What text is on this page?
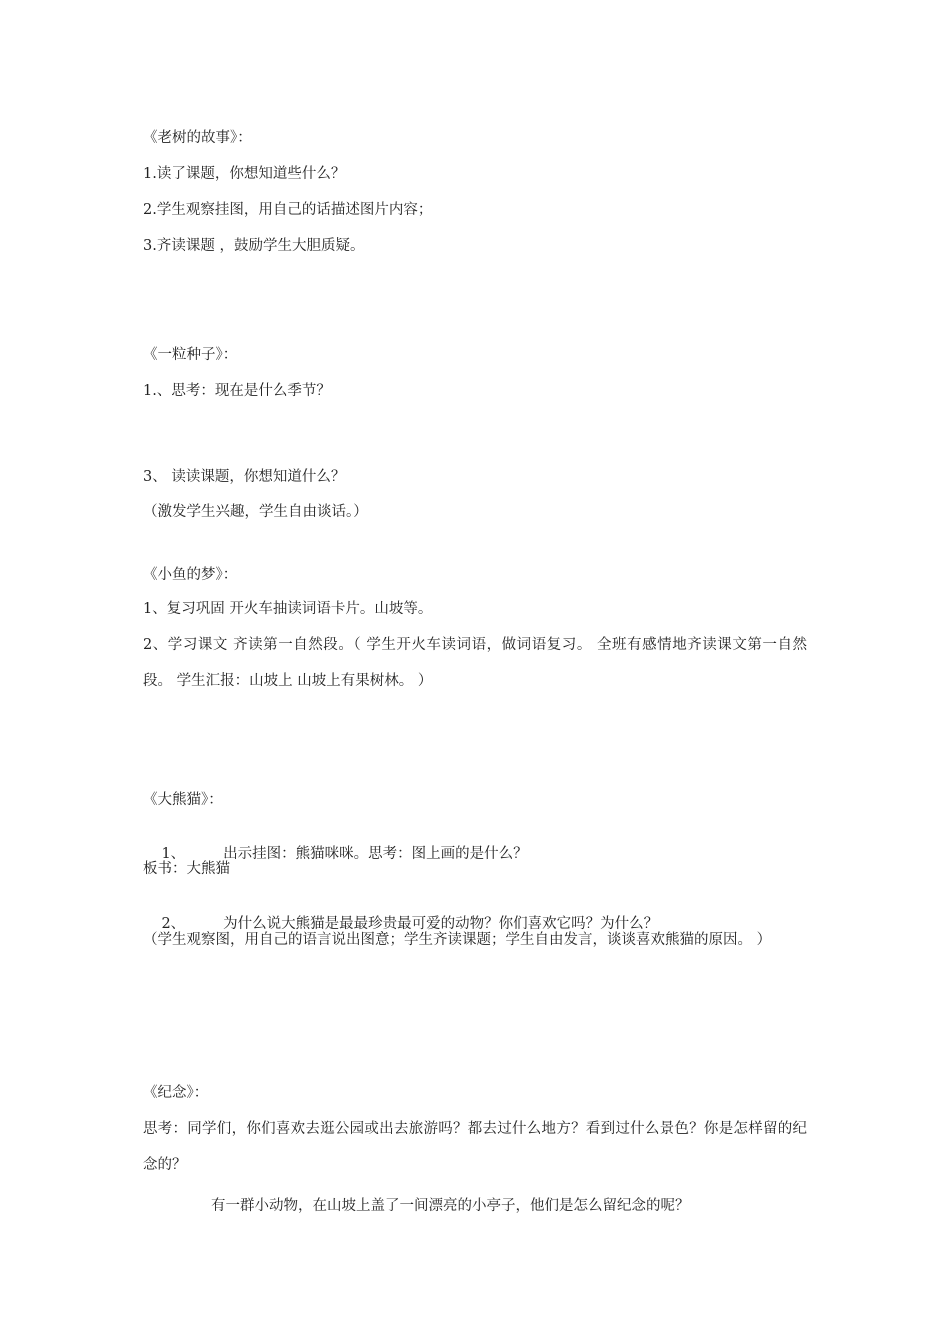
《老树的故事》：
1.读了课题，你想知道些什么？
2.学生观察挂图，用自己的话描述图片内容；
3.齐读课题 ，鼓励学生大胆质疑。
《一粒种子》：
1.、思考：现在是什么季节？
3、 读读课题，你想知道什么？
（激发学生兴趣，学生自由谈话。）
《小鱼的梦》：
1、复习巩固 开火车抽读词语卡片。山坡等。
2、学习课文 齐读第一自然段。（ 学生开火车读词语，做词语复习。 全班有感情地齐读课文第一自然段。 学生汇报：山坡上 山坡上有果树林。 ）
《大熊猫》：

1、	出示挂图：熊猫咪咪。思考：图上画的是什么？

板书：大熊猫

2、	为什么说大熊猫是最最珍贵最可爱的动物？你们喜欢它吗？为什么？

（学生观察图，用自己的语言说出图意；学生齐读课题；学生自由发言，谈谈喜欢熊猫的原因。 ）
《纪念》：
思考：同学们，你们喜欢去逛公园或出去旅游吗？都去过什么地方？看到过什么景色？你是怎样留的纪念的？
有一群小动物，在山坡上盖了一间漂亮的小亭子，他们是怎么留纪念的呢？
